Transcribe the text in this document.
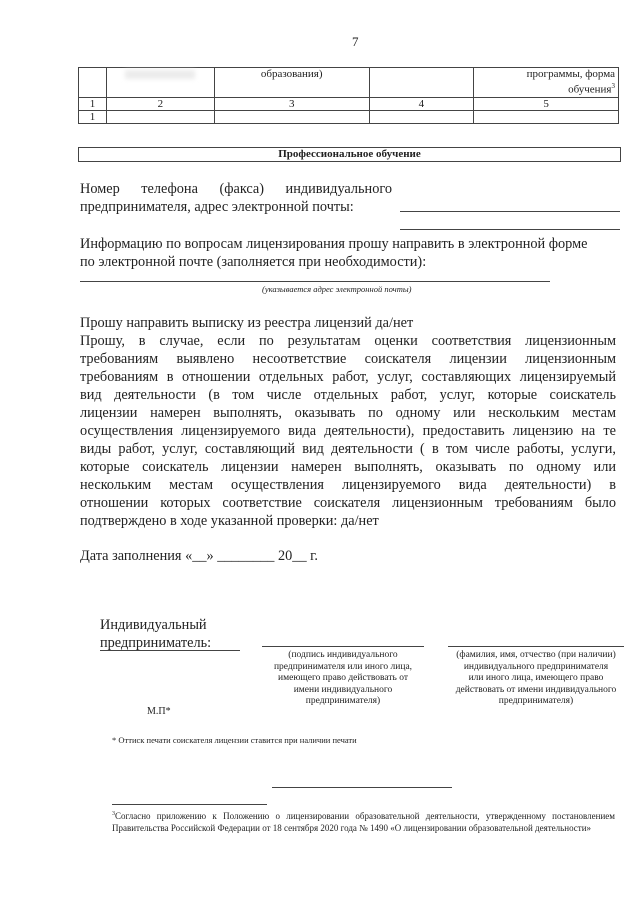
7
		образования)		программы, форма обучения$^3$
1	2	3	4	5
1				
Профессиональное обучение
Номер телефона (факса) индивидуального
предпринимателя, адрес электронной почты:
Информацию по вопросам лицензирования прошу направить в электронной форме
по электронной почте (заполняется при необходимости):
(указывается адрес электронной почты)
Прошу направить выписку из реестра лицензий да/нет
Прошу, в случае, если по результатам оценки соответствия лицензионным
требованиям выявлено несоответствие соискателя лицензии лицензионным
требованиям в отношении отдельных работ, услуг, составляющих лицензируемый
вид деятельности (в том числе отдельных работ, услуг, которые соискатель
лицензии намерен выполнять, оказывать по одному или нескольким местам
осуществления лицензируемого вида деятельности), предоставить лицензию на те
виды работ, услуг, составляющий вид деятельности ( в том числе работы, услуги,
которые соискатель лицензии намерен выполнять, оказывать по одному или
нескольким местам осуществления лицензируемого вида деятельности) в
отношении которых соответствие соискателя лицензионным требованиям было
подтверждено в ходе указанной проверки: да/нет
Дата заполнения «__» ________ 20__ г.
Индивидуальный
предприниматель:
(подпись индивидуального
предпринимателя или иного лица,
имеющего право действовать от
имени индивидуального
предпринимателя)
(фамилия, имя, отчество (при наличии)
индивидуального предпринимателя
или иного лица, имеющего право
действовать от имени индивидуального
предпринимателя)
М.П*
* Оттиск печати соискателя лицензии ставится при наличии печати
$^3$Согласно приложению к Положению о лицензировании образовательной деятельности, утвержденному постановлением Правительства Российской Федерации от 18 сентября 2020 года № 1490 «О лицензировании образовательной деятельности»
